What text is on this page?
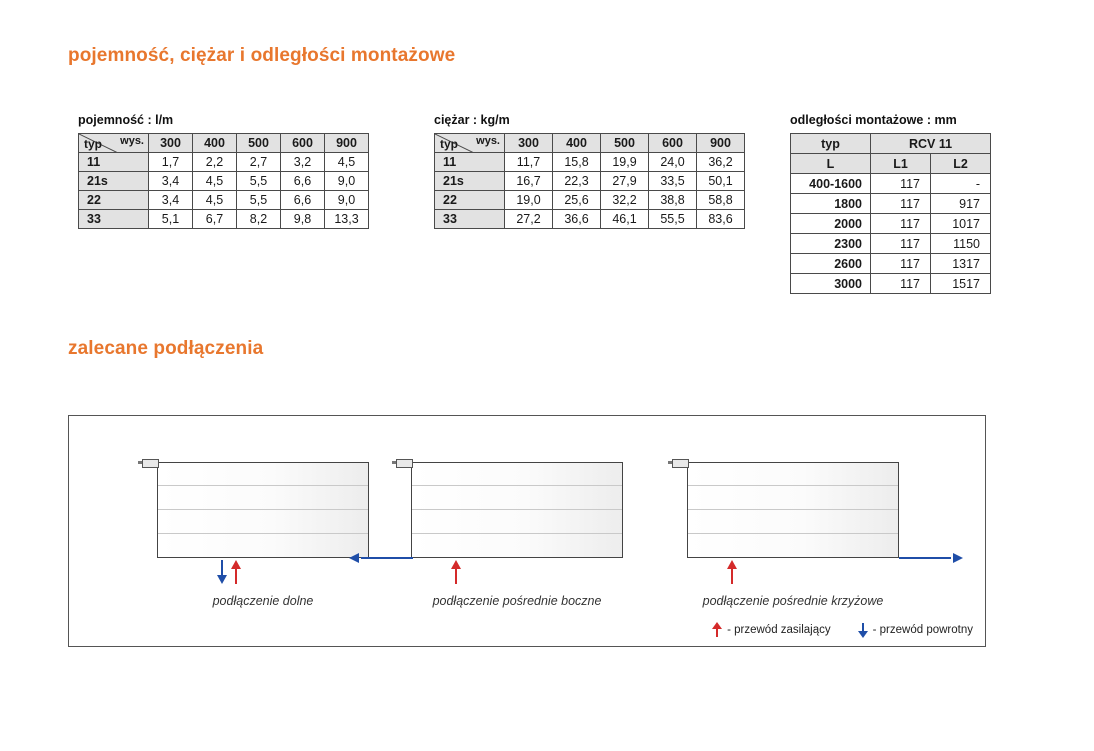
pojemność, ciężar i odległości montażowe
pojemność : l/m
wys.
typ	300	400	500	600	900
11	1,7	2,2	2,7	3,2	4,5
21s	3,4	4,5	5,5	6,6	9,0
22	3,4	4,5	5,5	6,6	9,0
33	5,1	6,7	8,2	9,8	13,3
ciężar : kg/m
wys.
typ	300	400	500	600	900
11	11,7	15,8	19,9	24,0	36,2
21s	16,7	22,3	27,9	33,5	50,1
22	19,0	25,6	32,2	38,8	58,8
33	27,2	36,6	46,1	55,5	83,6
odległości montażowe : mm
typ	RCV 11	
L	L1	L2
400-1600	117	-
1800	117	917
2000	117	1017
2300	117	1150
2600	117	1317
3000	117	1517
zalecane podłączenia
podłączenie dolne	podłączenie pośrednie boczne	podłączenie pośrednie krzyżowe
- przewód zasilający	- przewód powrotny
